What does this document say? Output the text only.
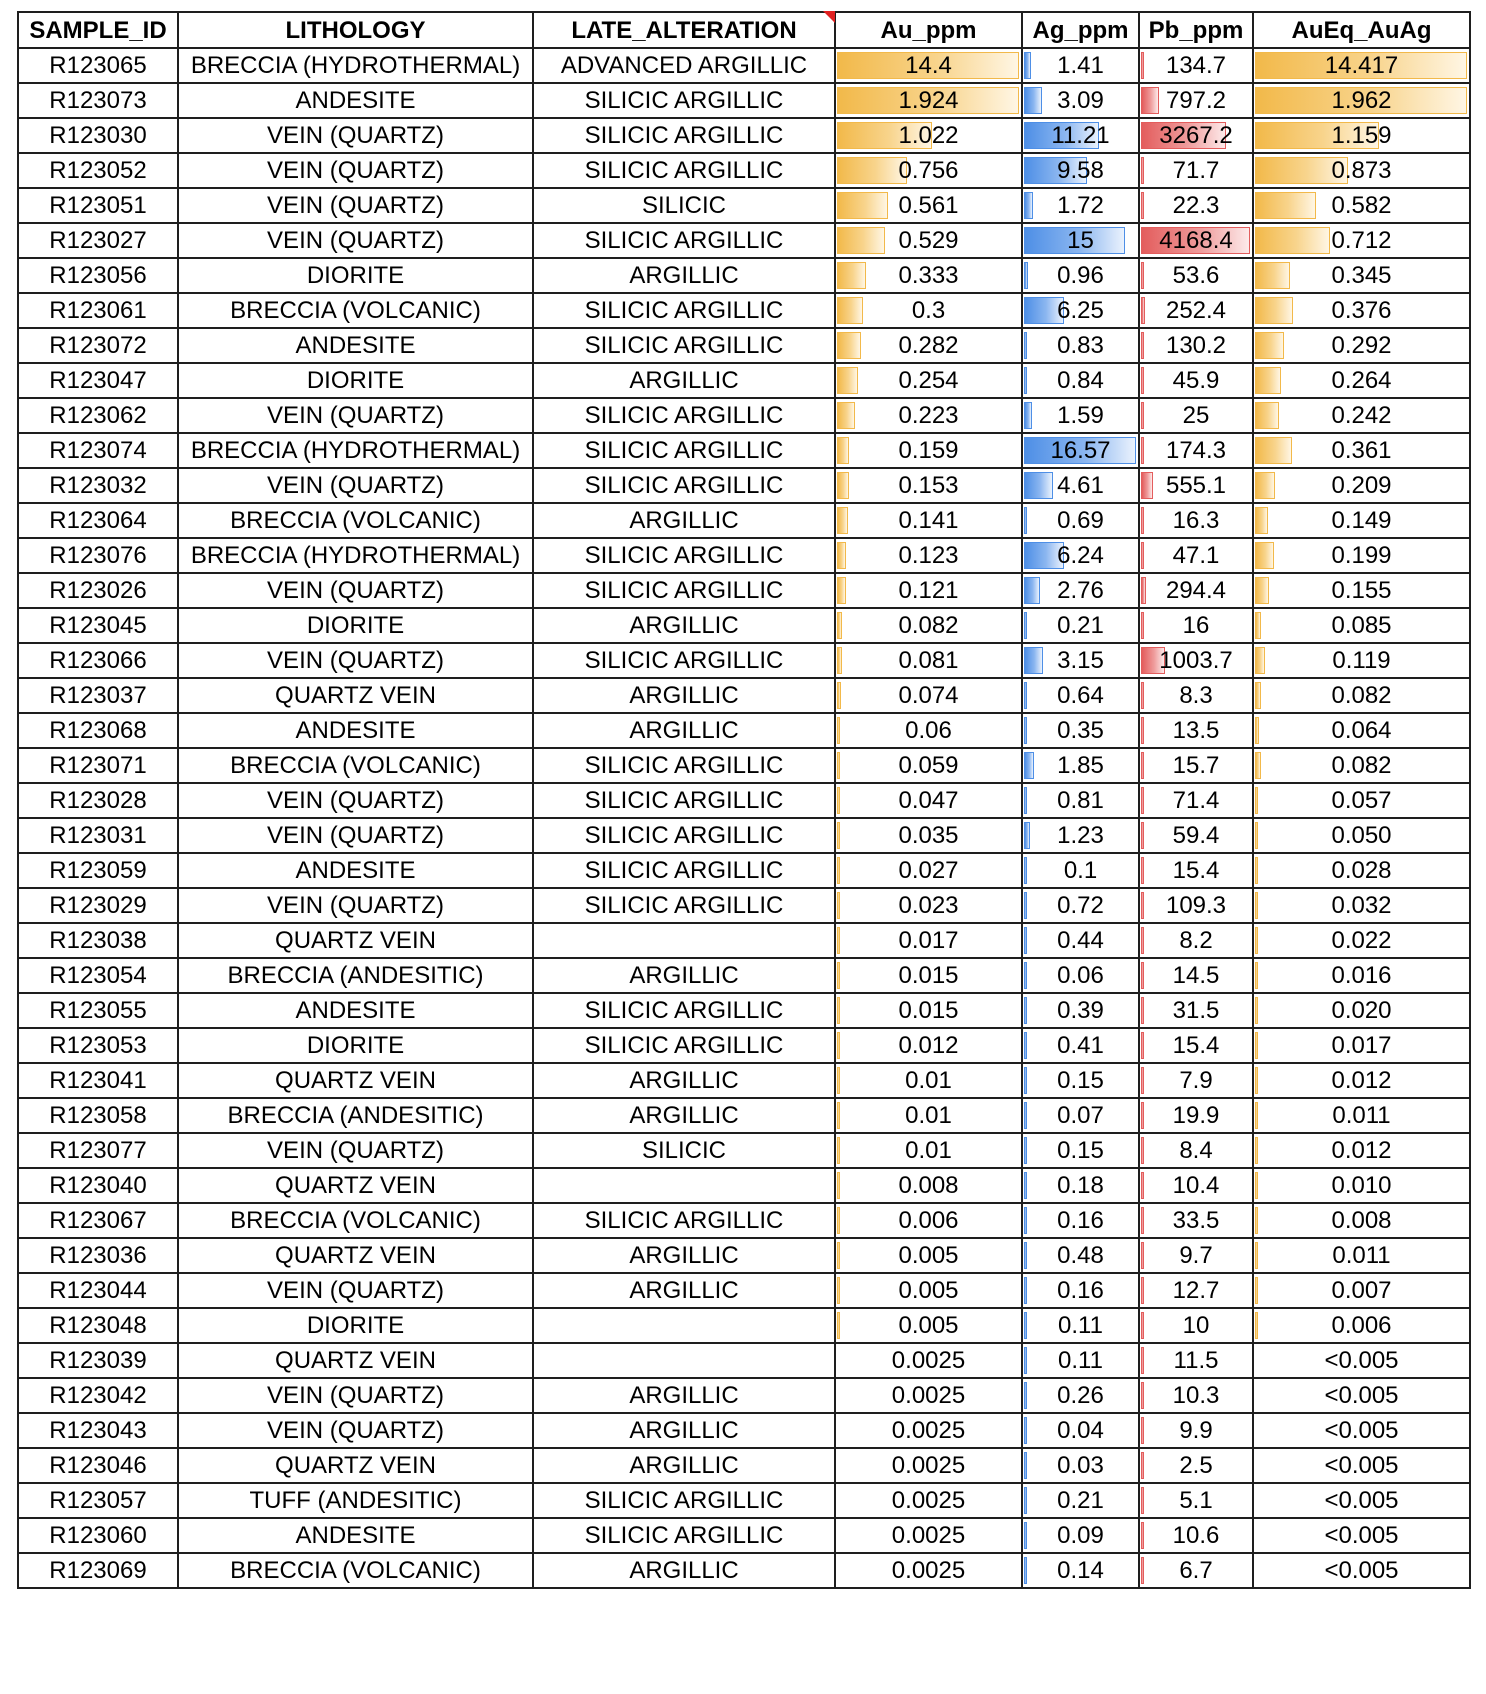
SAMPLE_ID	LITHOLOGY	LATE_ALTERATION	Au_ppm	Ag_ppm	Pb_ppm	AuEq_AuAg
R123065	BRECCIA (HYDROTHERMAL)	ADVANCED ARGILLIC	14.4	1.41	134.7	14.417
R123073	ANDESITE	SILICIC ARGILLIC	1.924	3.09	797.2	1.962
R123030	VEIN (QUARTZ)	SILICIC ARGILLIC	1.022	11.21	3267.2	1.159
R123052	VEIN (QUARTZ)	SILICIC ARGILLIC	0.756	9.58	71.7	0.873
R123051	VEIN (QUARTZ)	SILICIC	0.561	1.72	22.3	0.582
R123027	VEIN (QUARTZ)	SILICIC ARGILLIC	0.529	15	4168.4	0.712
R123056	DIORITE	ARGILLIC	0.333	0.96	53.6	0.345
R123061	BRECCIA (VOLCANIC)	SILICIC ARGILLIC	0.3	6.25	252.4	0.376
R123072	ANDESITE	SILICIC ARGILLIC	0.282	0.83	130.2	0.292
R123047	DIORITE	ARGILLIC	0.254	0.84	45.9	0.264
R123062	VEIN (QUARTZ)	SILICIC ARGILLIC	0.223	1.59	25	0.242
R123074	BRECCIA (HYDROTHERMAL)	SILICIC ARGILLIC	0.159	16.57	174.3	0.361
R123032	VEIN (QUARTZ)	SILICIC ARGILLIC	0.153	4.61	555.1	0.209
R123064	BRECCIA (VOLCANIC)	ARGILLIC	0.141	0.69	16.3	0.149
R123076	BRECCIA (HYDROTHERMAL)	SILICIC ARGILLIC	0.123	6.24	47.1	0.199
R123026	VEIN (QUARTZ)	SILICIC ARGILLIC	0.121	2.76	294.4	0.155
R123045	DIORITE	ARGILLIC	0.082	0.21	16	0.085
R123066	VEIN (QUARTZ)	SILICIC ARGILLIC	0.081	3.15	1003.7	0.119
R123037	QUARTZ VEIN	ARGILLIC	0.074	0.64	8.3	0.082
R123068	ANDESITE	ARGILLIC	0.06	0.35	13.5	0.064
R123071	BRECCIA (VOLCANIC)	SILICIC ARGILLIC	0.059	1.85	15.7	0.082
R123028	VEIN (QUARTZ)	SILICIC ARGILLIC	0.047	0.81	71.4	0.057
R123031	VEIN (QUARTZ)	SILICIC ARGILLIC	0.035	1.23	59.4	0.050
R123059	ANDESITE	SILICIC ARGILLIC	0.027	0.1	15.4	0.028
R123029	VEIN (QUARTZ)	SILICIC ARGILLIC	0.023	0.72	109.3	0.032
R123038	QUARTZ VEIN		0.017	0.44	8.2	0.022
R123054	BRECCIA (ANDESITIC)	ARGILLIC	0.015	0.06	14.5	0.016
R123055	ANDESITE	SILICIC ARGILLIC	0.015	0.39	31.5	0.020
R123053	DIORITE	SILICIC ARGILLIC	0.012	0.41	15.4	0.017
R123041	QUARTZ VEIN	ARGILLIC	0.01	0.15	7.9	0.012
R123058	BRECCIA (ANDESITIC)	ARGILLIC	0.01	0.07	19.9	0.011
R123077	VEIN (QUARTZ)	SILICIC	0.01	0.15	8.4	0.012
R123040	QUARTZ VEIN		0.008	0.18	10.4	0.010
R123067	BRECCIA (VOLCANIC)	SILICIC ARGILLIC	0.006	0.16	33.5	0.008
R123036	QUARTZ VEIN	ARGILLIC	0.005	0.48	9.7	0.011
R123044	VEIN (QUARTZ)	ARGILLIC	0.005	0.16	12.7	0.007
R123048	DIORITE		0.005	0.11	10	0.006
R123039	QUARTZ VEIN		0.0025	0.11	11.5	<0.005
R123042	VEIN (QUARTZ)	ARGILLIC	0.0025	0.26	10.3	<0.005
R123043	VEIN (QUARTZ)	ARGILLIC	0.0025	0.04	9.9	<0.005
R123046	QUARTZ VEIN	ARGILLIC	0.0025	0.03	2.5	<0.005
R123057	TUFF (ANDESITIC)	SILICIC ARGILLIC	0.0025	0.21	5.1	<0.005
R123060	ANDESITE	SILICIC ARGILLIC	0.0025	0.09	10.6	<0.005
R123069	BRECCIA (VOLCANIC)	ARGILLIC	0.0025	0.14	6.7	<0.005
